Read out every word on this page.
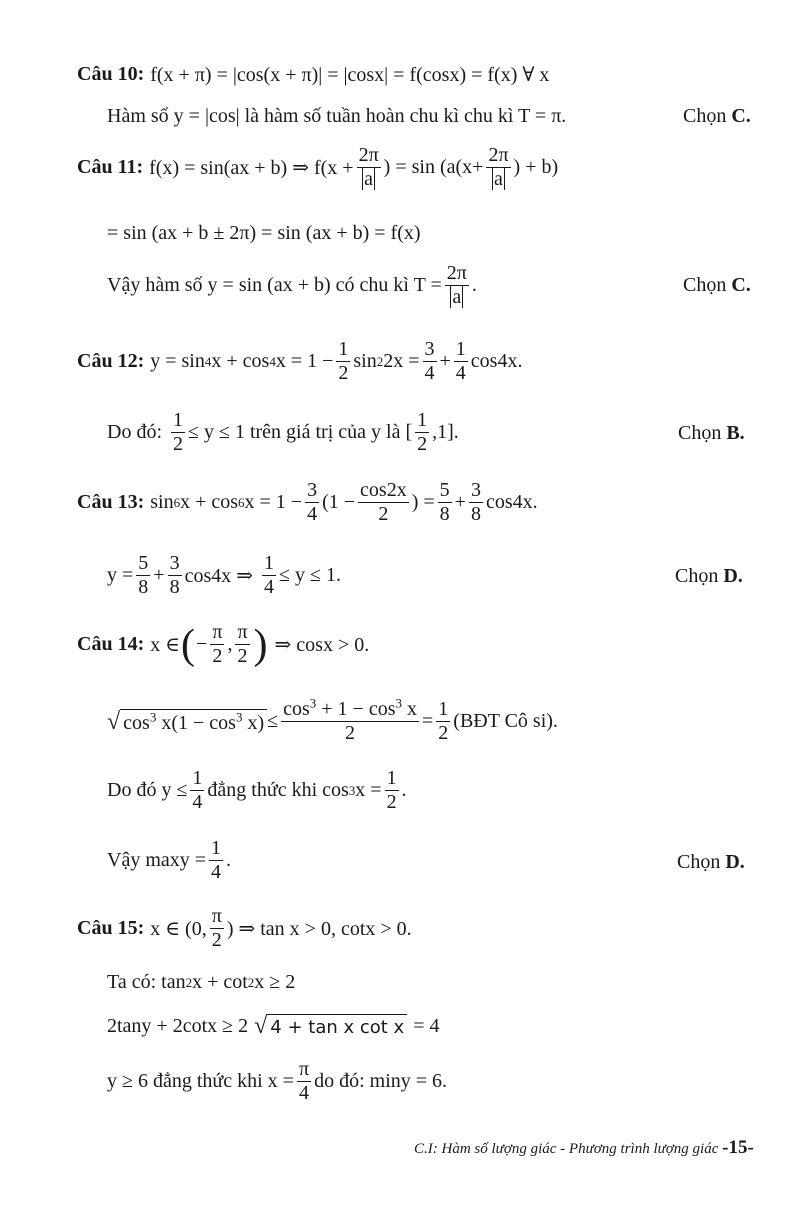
Câu 10: f(x + π) = |cos(x + π)| = |cosx| = f(cosx) = f(x) ∀ x
Hàm số y = |cos| là hàm số tuần hoàn chu kì chu kì T = π.	Chọn C.
Câu 11: f(x) = sin(ax + b) ⇒ $f(x + \frac{2\pi}{a}$ ) = $\sin (a(x+ \frac{2\pi}{a}$ ) + b)
= sin (ax + b ± 2π) = sin (ax + b) = f(x)
Vậy hàm số y = sin (ax + b) có chu kì $T = \frac{2\pi}{a}$ .	Chọn C.
Câu 12: y = sin 4 x + cos 4 $x = 1 - \frac{1}{2}$ sin 2 $2x = \frac{3}{4} + \frac{1}{4} \cos 4x$.
Do đó: $\frac{1}{2} \le y \le 1$ trên giá trị của y là [ $\frac{1}{2} ,1$].	Chọn B.
Câu 13: sin 6 x + cos 6 $x = 1 - \frac{3}{4} (1 - \frac{\cos 2x}{2}$ ) = $\frac{5}{8} + \frac{3}{8} \cos 4x$.
$y = \frac{5}{8} + \frac{3}{8} \cos 4x$ ⇒ $\frac{1}{4} \le y \le 1$.	Chọn D.
Câu 14: x ∈ ( − $\frac{\pi}{2}$ , $\frac{\pi}{2}$ ) ⇒ cosx > 0.
√ $\cos^3 x(1 - \cos^3 x) \le \frac{\cos^3 + 1 - \cos^3 x}{2} = \frac{1}{2}$ (BĐT Cô si).
Do đó $y \le \frac{1}{4}$ đẳng thức khi cos 3 $x = \frac{1}{2}$ .
Vậy $\max y = \frac{1}{4}$ .	Chọn D.
Câu 15: x ∈ (0, $\frac{\pi}{2}$ ) ⇒ tan x > 0, cotx > 0.
Ta có: tan 2 x + cot 2 x ≥ 2
2tany + 2cotx ≥ 2 √ 4 + tan x cot x = 4
y ≥ 6 đẳng thức khi $x = \frac{\pi}{4}$ do đó: miny = 6.
C.I: Hàm số lượng giác - Phương trình lượng giác -15-
